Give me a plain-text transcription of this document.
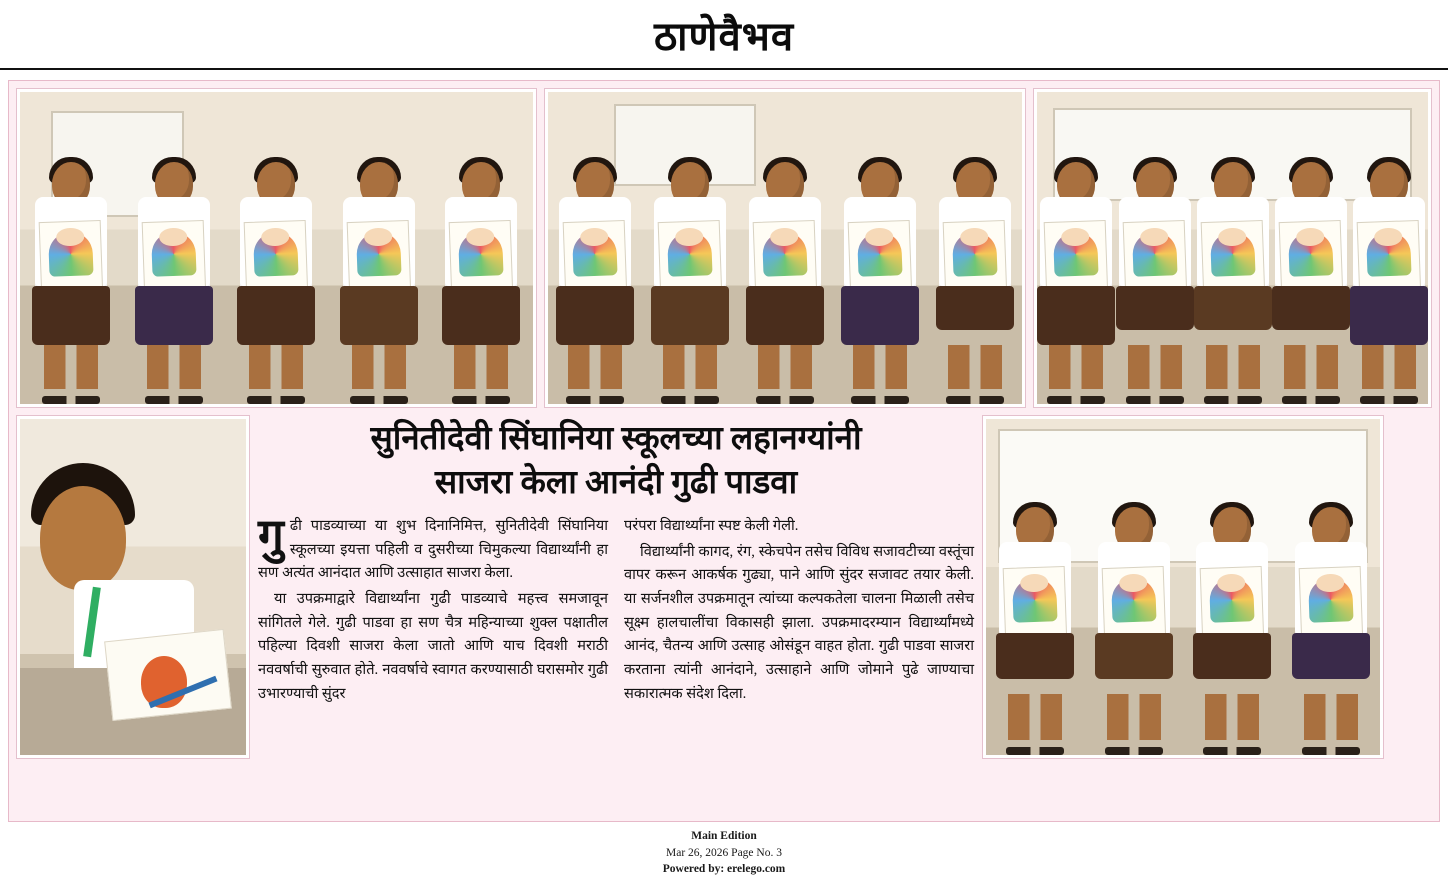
ठाणेवैभव
सुनितीदेवी सिंघानिया स्कूलच्या लहानग्यांनी
साजरा केला आनंदी गुढी पाडवा

गु ढी पाडव्याच्या या शुभ दिनानिमित्त, सुनितीदेवी सिंघानिया स्कूलच्या इयत्ता पहिली व दुसरीच्या चिमुकल्या विद्यार्थ्यांनी हा सण अत्यंत आनंदात आणि उत्साहात साजरा केला.

या उपक्रमाद्वारे विद्यार्थ्यांना गुढी पाडव्याचे महत्त्व समजावून सांगितले गेले. गुढी पाडवा हा सण चैत्र महिन्याच्या शुक्ल पक्षातील पहिल्या दिवशी साजरा केला जातो आणि याच दिवशी मराठी नववर्षाची सुरुवात होते. नववर्षाचे स्वागत करण्यासाठी घरासमोर गुढी उभारण्याची सुंदर

परंपरा विद्यार्थ्यांना स्पष्ट केली गेली.

विद्यार्थ्यांनी कागद, रंग, स्केचपेन तसेच विविध सजावटीच्या वस्तूंचा वापर करून आकर्षक गुढ्या, पाने आणि सुंदर सजावट तयार केली. या सर्जनशील उपक्रमातून त्यांच्या कल्पकतेला चालना मिळाली तसेच सूक्ष्म हालचालींचा विकासही झाला. उपक्रमादरम्यान विद्यार्थ्यांमध्ये आनंद, चैतन्य आणि उत्साह ओसंडून वाहत होता. गुढी पाडवा साजरा करताना त्यांनी आनंदाने, उत्साहाने आणि जोमाने पुढे जाण्याचा सकारात्मक संदेश दिला.

Main Edition
Mar 26, 2026 Page No. 3
Powered by: erelego.com
